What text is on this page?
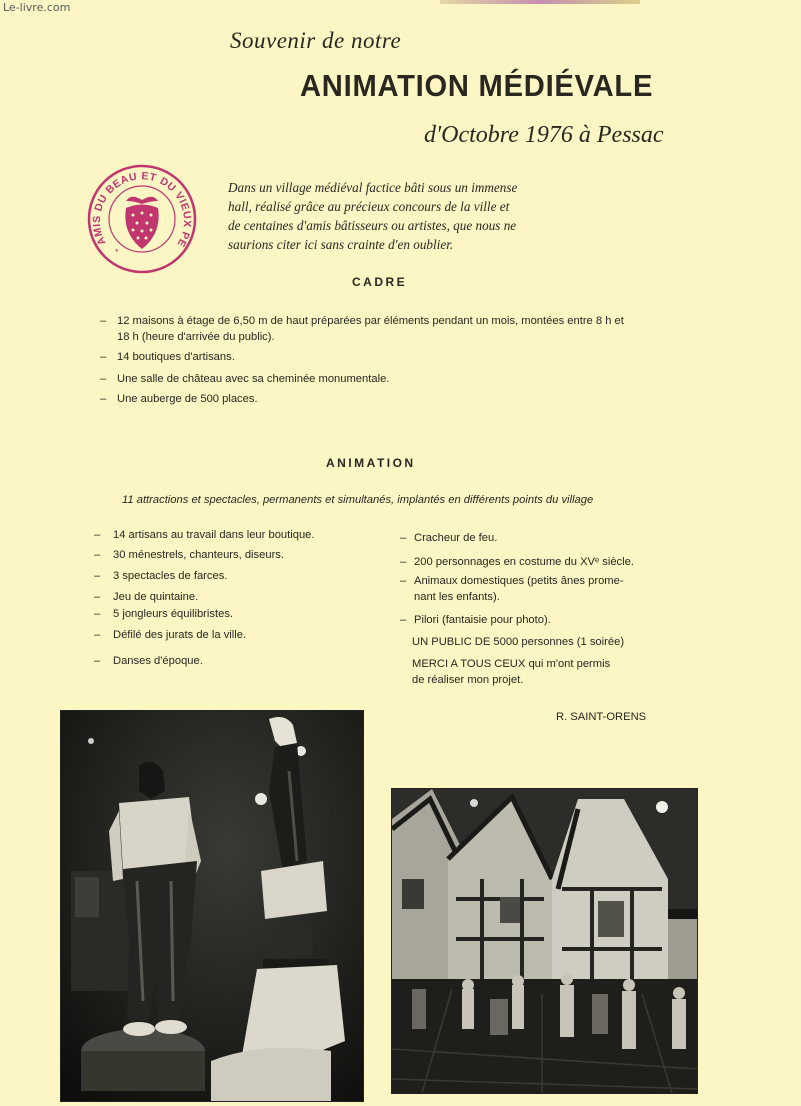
Le-livre.com
Souvenir de notre
ANIMATION MÉDIÉVALE
d'Octobre 1976 à Pessac
AMIS DU BEAU ET DU VIEUX PE
*
Dans un village médiéval factice bâti sous un immense
hall, réalisé grâce au précieux concours de la ville et
de centaines d'amis bâtisseurs ou artistes, que nous ne
saurions citer ici sans crainte d'en oublier.
CADRE
– 12 maisons à étage de 6,50 m de haut préparées par éléments pendant un mois, montées entre 8 h et
18 h (heure d'arrivée du public).
– 14 boutiques d'artisans.
– Une salle de château avec sa cheminée monumentale.
– Une auberge de 500 places.
ANIMATION
11 attractions et spectacles, permanents et simultanés, implantés en différents points du village
– 14 artisans au travail dans leur boutique.
– 30 ménestrels, chanteurs, diseurs.
– 3 spectacles de farces.
– Jeu de quintaine.
– 5 jongleurs équilibristes.
– Défilé des jurats de la ville.
– Danses d'époque.
– Cracheur de feu.
– 200 personnages en costume du XVᵉ siècle.
– Animaux domestiques (petits ânes prome-
nant les enfants).
– Pilori (fantaisie pour photo).
UN PUBLIC DE 5000 personnes (1 soirée)
MERCI A TOUS CEUX qui m'ont permis
de réaliser mon projet.
R. SAINT-ORENS
